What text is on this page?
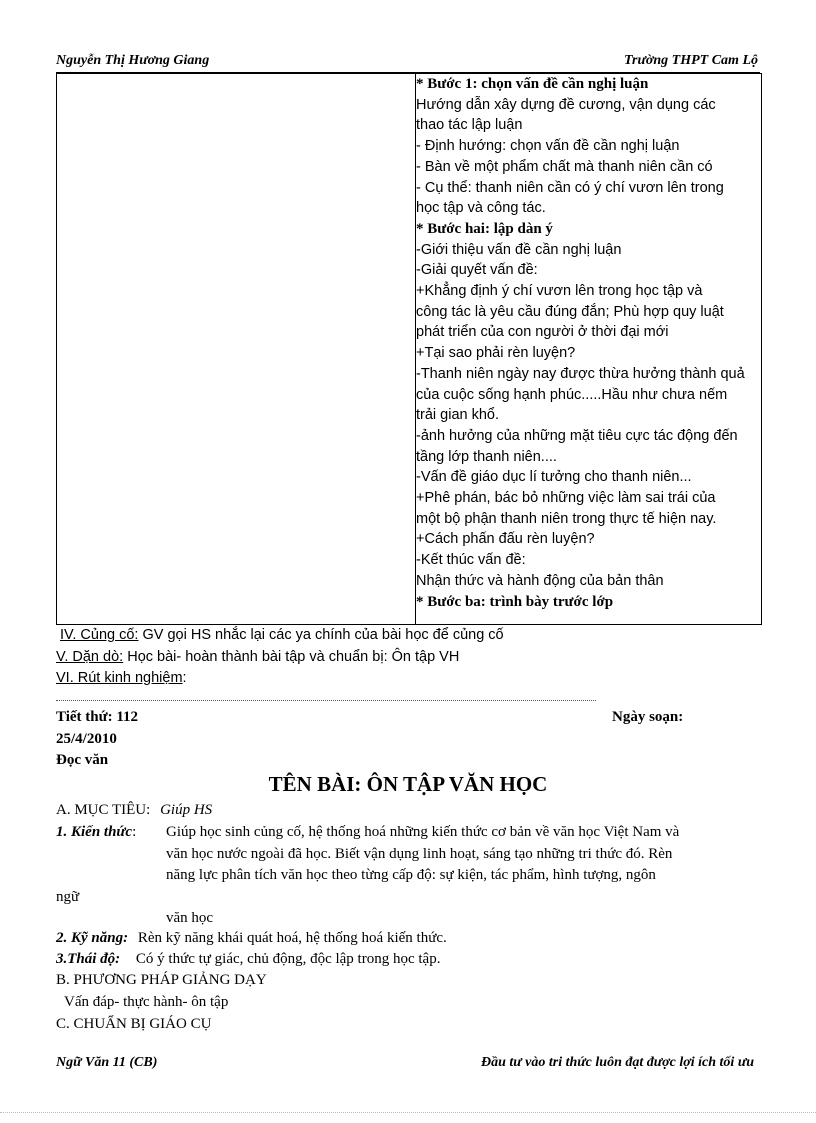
Nguyễn Thị Hương Giang	Trường THPT Cam Lộ

* Bước 1: chọn vấn đề cần nghị luận
Hướng dẫn xây dựng đề cương, vận dụng các
thao tác lập luận
- Định hướng: chọn vấn đề cần nghị luận
- Bàn về một phẩm chất mà thanh niên cần có
- Cụ thể: thanh niên cần có ý chí vươn lên trong
học tập và công tác.
* Bước hai: lập dàn ý
-Giới thiệu vấn đề cần nghị luận
-Giải quyết vấn đề:
+Khẳng định ý chí vươn lên trong học tập và
công tác là yêu cầu đúng đắn; Phù hợp quy luật
phát triển của con người ở thời đại mới
+Tại sao phải rèn luyện?
-Thanh niên ngày nay được thừa hưởng thành quả
của cuộc sống hạnh phúc.....Hầu như chưa nếm
trải gian khổ.
-ảnh hưởng của những mặt tiêu cực tác động đến
tầng lớp thanh niên....
-Vấn đề giáo dục lí tưởng cho thanh niên...
+Phê phán, bác bỏ những việc làm sai trái của
một bộ phận thanh niên trong thực tế hiện nay.
+Cách phấn đấu rèn luyện?
-Kết thúc vấn đề:
Nhận thức và hành động của bản thân
* Bước ba: trình bày trước lớp
IV. Củng cố: GV gọi HS nhắc lại các ya chính của bài học để củng cố
V. Dặn dò: Học bài- hoàn thành bài tập và chuẩn bị: Ôn tập VH
VI. Rút kinh nghiệm:
Tiết thứ: 112	Ngày soạn:
25/4/2010
Đọc văn
TÊN BÀI: ÔN TẬP VĂN HỌC
A. MỤC TIÊU: Giúp HS
1. Kiến thức: Giúp học sinh củng cố, hệ thống hoá những kiến thức cơ bản về văn học Việt Nam và
văn học nước ngoài đã học. Biết vận dụng linh hoạt, sáng tạo những tri thức đó. Rèn
năng lực phân tích văn học theo từng cấp độ: sự kiện, tác phẩm, hình tượng, ngôn
ngữ
văn học
2. Kỹ năng: Rèn kỹ năng khái quát hoá, hệ thống hoá kiến thức.
3.Thái độ: Có ý thức tự giác, chủ động, độc lập trong học tập.
B. PHƯƠNG PHÁP GIẢNG DẠY
Vấn đáp- thực hành- ôn tập
C. CHUẨN BỊ GIÁO CỤ
Ngữ Văn 11 (CB)	Đầu tư vào tri thức luôn đạt được lợi ích tối ưu
